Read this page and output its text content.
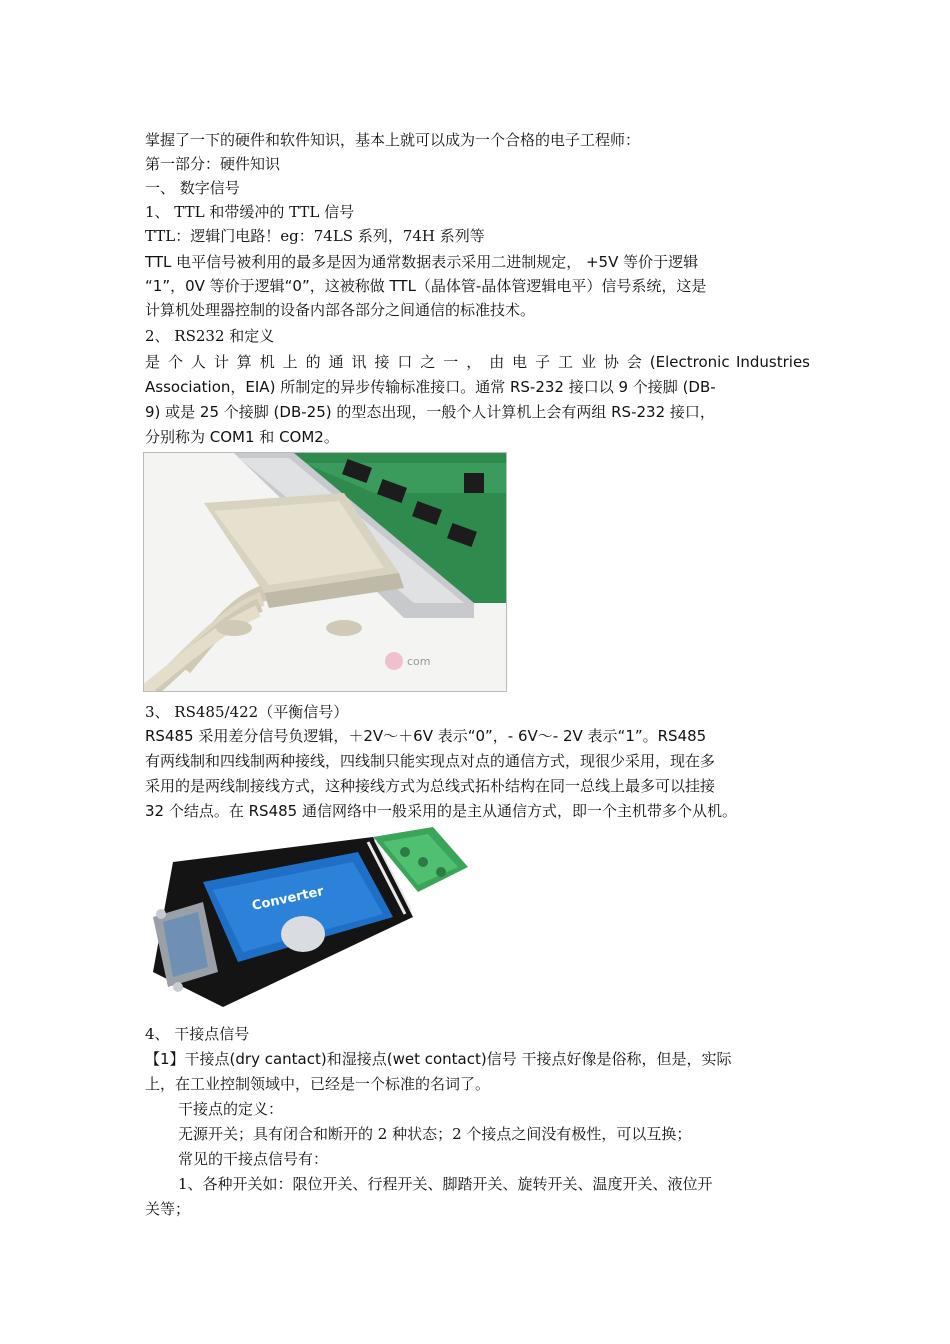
掌握了一下的硬件和软件知识，基本上就可以成为一个合格的电子工程师：
第一部分：硬件知识
一、 数字信号
1、 TTL 和带缓冲的 TTL 信号
TTL：逻辑门电路！eg：74LS 系列，74H 系列等
TTL 电平信号被利用的最多是因为通常数据表示采用二进制规定， +5V 等价于逻辑
“1”，0V 等价于逻辑“0”，这被称做 TTL（晶体管-晶体管逻辑电平）信号系统，这是
计算机处理器控制的设备内部各部分之间通信的标准技术。
2、 RS232 和定义
是 个 人 计 算 机 上 的 通 讯 接 口 之 一 ， 由 电 子 工 业 协 会 (Electronic Industries
Association，EIA) 所制定的异步传输标准接口。通常 RS-232 接口以 9 个接脚 (DB-
9) 或是 25 个接脚 (DB-25) 的型态出现，一般个人计算机上会有两组 RS-232 接口，
分别称为 COM1 和 COM2。
com
3、 RS485/422（平衡信号）
RS485 采用差分信号负逻辑，＋2V～＋6V 表示“0”，- 6V～- 2V 表示“1”。RS485
有两线制和四线制两种接线，四线制只能实现点对点的通信方式，现很少采用，现在多
采用的是两线制接线方式，这种接线方式为总线式拓朴结构在同一总线上最多可以挂接
32 个结点。在 RS485 通信网络中一般采用的是主从通信方式，即一个主机带多个从机。
Converter
4、 干接点信号
【1】干接点(dry cantact)和湿接点(wet contact)信号 干接点好像是俗称，但是，实际
上，在工业控制领域中，已经是一个标准的名词了。
干接点的定义：
无源开关；具有闭合和断开的 2 种状态；2 个接点之间没有极性，可以互换；
常见的干接点信号有：
1、各种开关如：限位开关、行程开关、脚踏开关、旋转开关、温度开关、液位开
关等；
